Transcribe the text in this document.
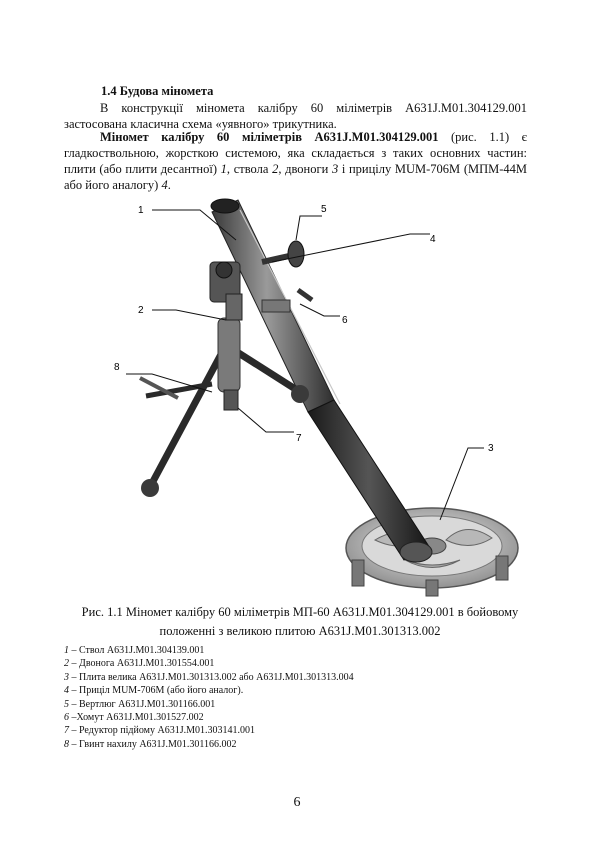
1.4 Будова міномета
В конструкції міномета калібру 60 міліметрів А631J.М01.304129.001 застосована класична схема «уявного» трикутника.
Міномет калібру 60 міліметрів А631J.М01.304129.001 (рис. 1.1) є гладкоствольною, жорсткою системою, яка складається з таких основних частин: плити (або плити десантної) 1, ствола 2, двоноги 3 і прицілу MUM-706M (МПМ-44М або його аналогу) 4.
1	5
4
2
6
8
7
3
Рис. 1.1 Міномет калібру 60 міліметрів МП-60 А631J.М01.304129.001 в бойовому
положенні з великою плитою А631J.М01.301313.002
1 – Ствол А631J.М01.304139.001
2 – Двонога А631J.М01.301554.001
3 – Плита велика А631J.М01.301313.002 або А631J.М01.301313.004
4 – Приціл MUM-706M (або його аналог).
5 – Вертлюг А631J.М01.301166.001
6 –Хомут А631J.М01.301527.002
7 – Редуктор підйому А631J.М01.303141.001
8 – Гвинт нахилу А631J.М01.301166.002
6
